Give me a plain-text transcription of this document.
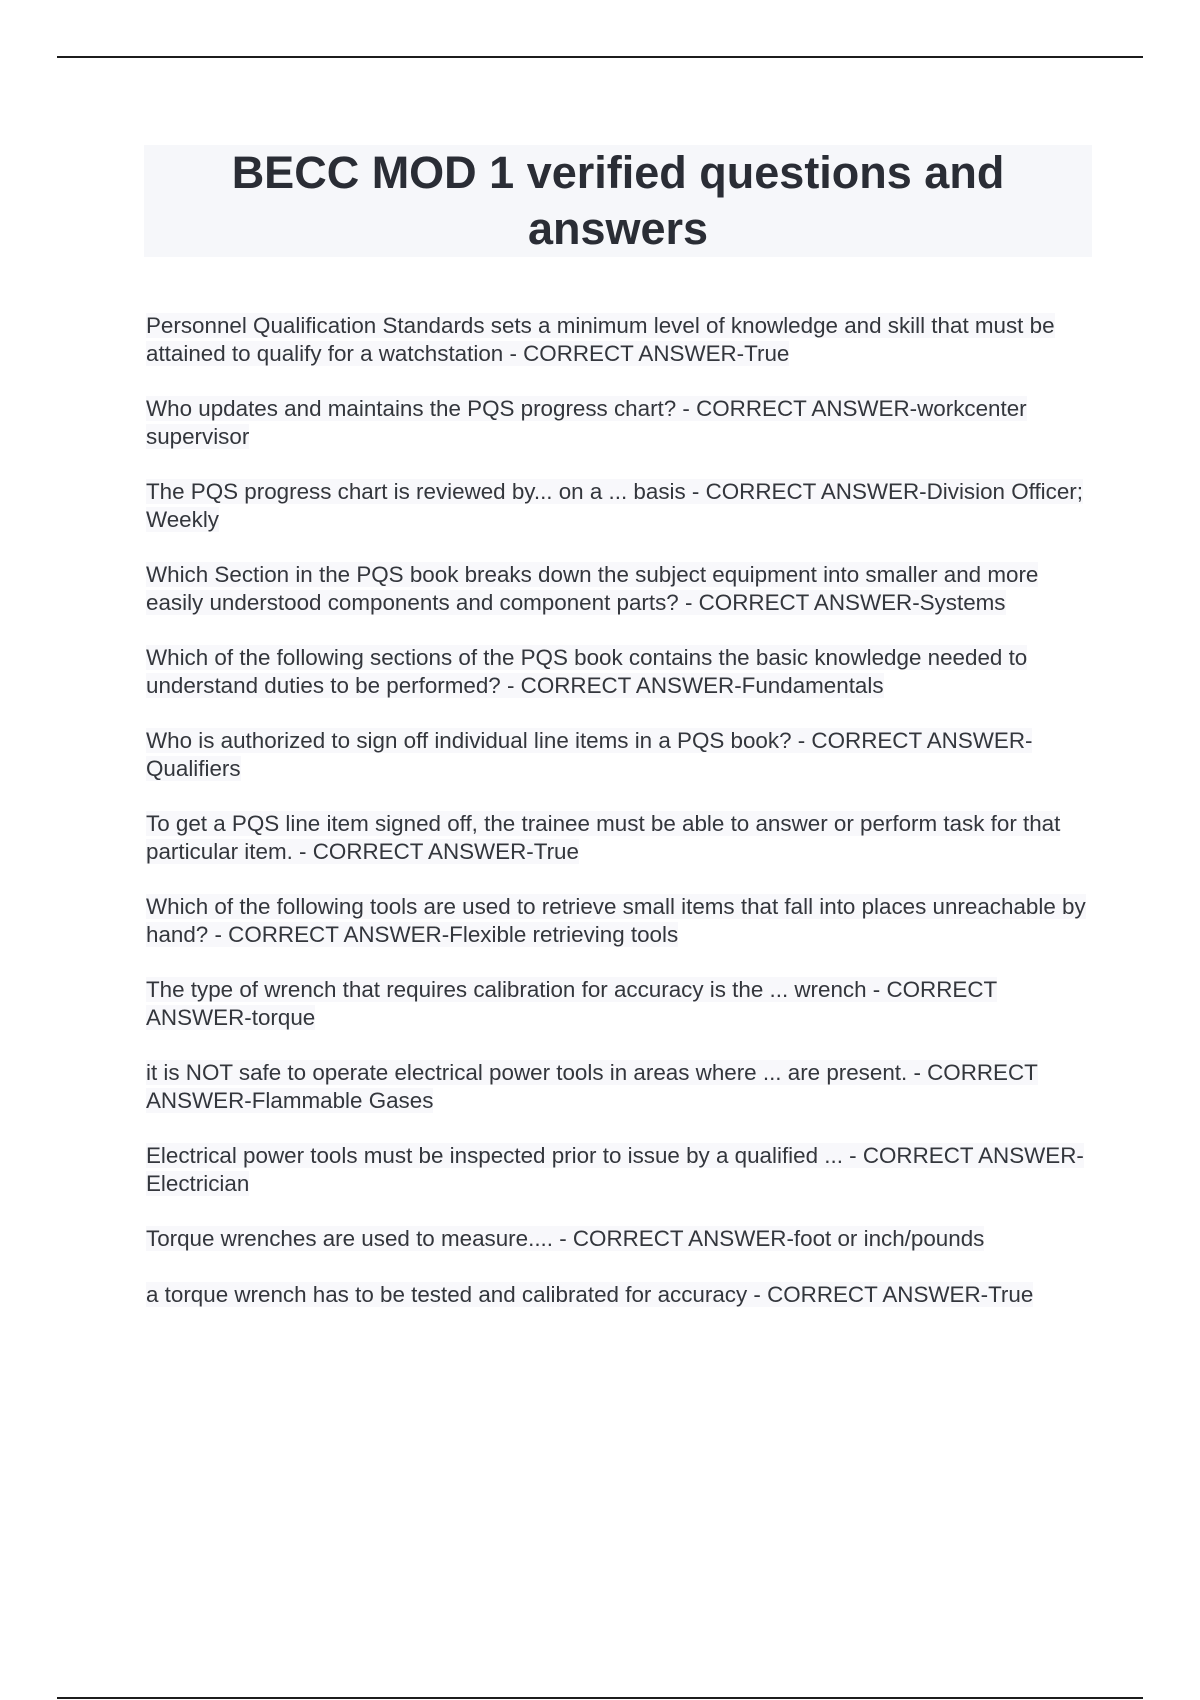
BECC MOD 1 verified questions and answers
Personnel Qualification Standards sets a minimum level of knowledge and skill that must be attained to qualify for a watchstation - CORRECT ANSWER-True
Who updates and maintains the PQS progress chart? - CORRECT ANSWER-workcenter supervisor
The PQS progress chart is reviewed by... on a ... basis - CORRECT ANSWER-Division Officer; Weekly
Which Section in the PQS book breaks down the subject equipment into smaller and more easily understood components and component parts? - CORRECT ANSWER-Systems
Which of the following sections of the PQS book contains the basic knowledge needed to understand duties to be performed? - CORRECT ANSWER-Fundamentals
Who is authorized to sign off individual line items in a PQS book? - CORRECT ANSWER-Qualifiers
To get a PQS line item signed off, the trainee must be able to answer or perform task for that particular item. - CORRECT ANSWER-True
Which of the following tools are used to retrieve small items that fall into places unreachable by hand? - CORRECT ANSWER-Flexible retrieving tools
The type of wrench that requires calibration for accuracy is the ... wrench - CORRECT ANSWER-torque
it is NOT safe to operate electrical power tools in areas where ... are present. - CORRECT ANSWER-Flammable Gases
Electrical power tools must be inspected prior to issue by a qualified ... - CORRECT ANSWER-Electrician
Torque wrenches are used to measure.... - CORRECT ANSWER-foot or inch/pounds
a torque wrench has to be tested and calibrated for accuracy - CORRECT ANSWER-True
